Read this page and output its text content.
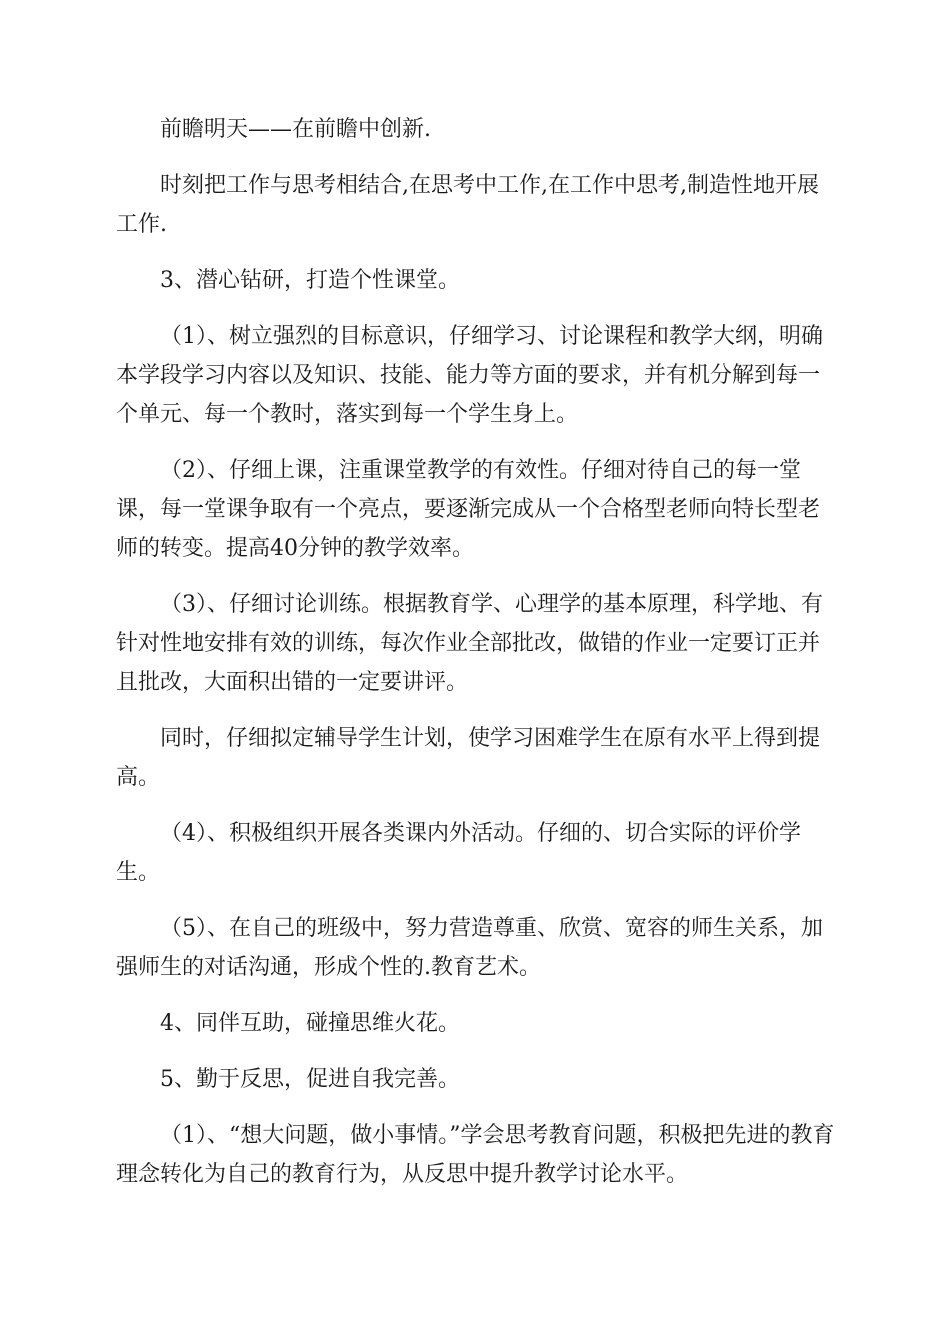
前瞻明天——在前瞻中创新.

时刻把工作与思考相结合,在思考中工作,在工作中思考,制造性地开展工作.

3、潜心钻研，打造个性课堂。

（1）、树立强烈的目标意识，仔细学习、讨论课程和教学大纲，明确本学段学习内容以及知识、技能、能力等方面的要求，并有机分解到每一个单元、每一个教时，落实到每一个学生身上。

（2）、仔细上课，注重课堂教学的有效性。仔细对待自己的每一堂课，每一堂课争取有一个亮点，要逐渐完成从一个合格型老师向特长型老师的转变。提高40分钟的教学效率。

（3）、仔细讨论训练。根据教育学、心理学的基本原理，科学地、有针对性地安排有效的训练，每次作业全部批改，做错的作业一定要订正并且批改，大面积出错的一定要讲评。

同时，仔细拟定辅导学生计划，使学习困难学生在原有水平上得到提高。

（4）、积极组织开展各类课内外活动。仔细的、切合实际的评价学生。

（5）、在自己的班级中，努力营造尊重、欣赏、宽容的师生关系，加强师生的对话沟通，形成个性的.教育艺术。

4、同伴互助，碰撞思维火花。

5、勤于反思，促进自我完善。

（1）、“想大问题，做小事情。”学会思考教育问题，积极把先进的教育理念转化为自己的教育行为，从反思中提升教学讨论水平。
